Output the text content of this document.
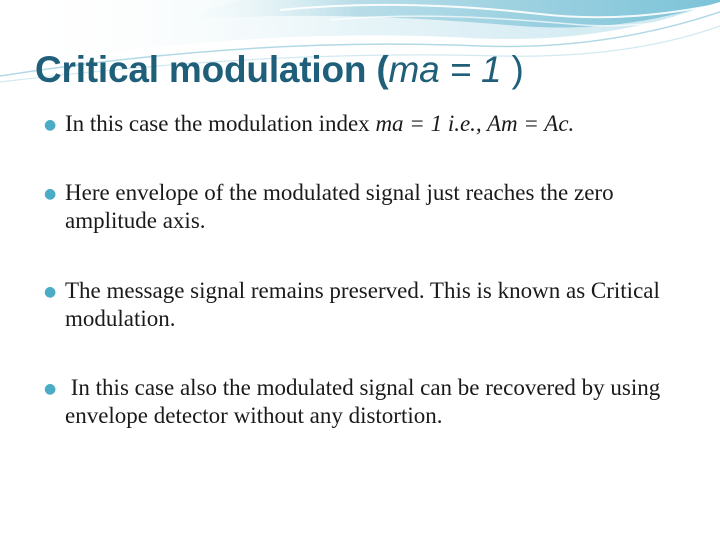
Critical modulation (ma = 1 )
● In this case the modulation index ma = 1 i.e., Am = Ac.
● Here envelope of the modulated signal just reaches the zero amplitude axis.
● The message signal remains preserved. This is known as Critical modulation.
● In this case also the modulated signal can be recovered by using envelope detector without any distortion.
